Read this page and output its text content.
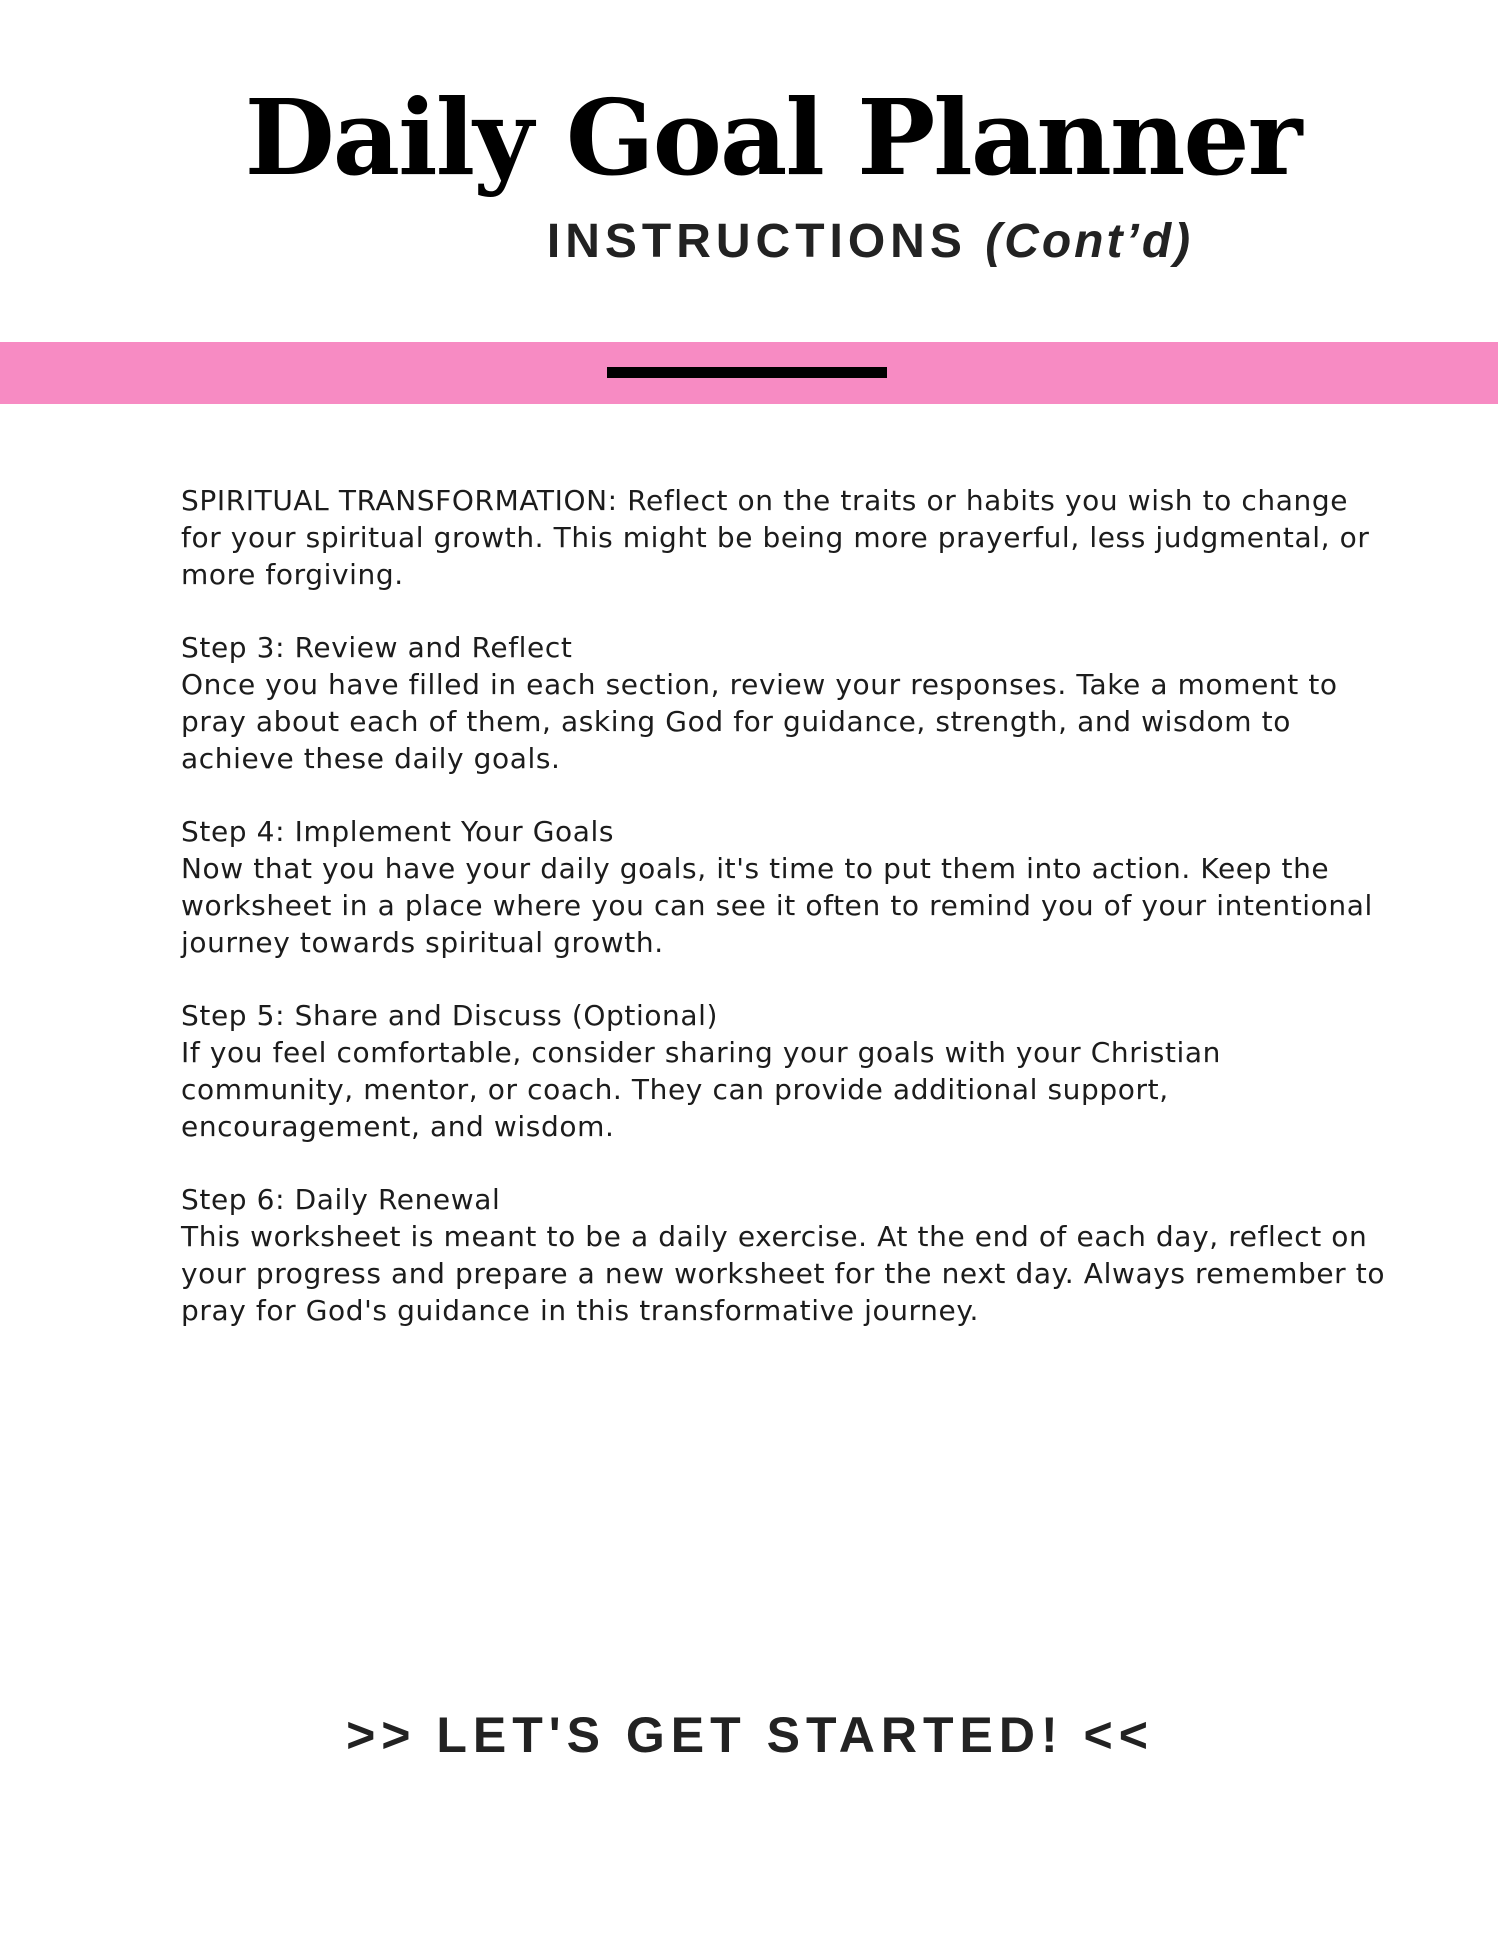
Daily Goal Planner
INSTRUCTIONS (Cont’d)

SPIRITUAL TRANSFORMATION: Reflect on the traits or habits you wish to change
for your spiritual growth. This might be being more prayerful, less judgmental, or
more forgiving.

Step 3: Review and Reflect
Once you have filled in each section, review your responses. Take a moment to
pray about each of them, asking God for guidance, strength, and wisdom to
achieve these daily goals.

Step 4: Implement Your Goals
Now that you have your daily goals, it's time to put them into action. Keep the
worksheet in a place where you can see it often to remind you of your intentional
journey towards spiritual growth.

Step 5: Share and Discuss (Optional)
If you feel comfortable, consider sharing your goals with your Christian
community, mentor, or coach. They can provide additional support,
encouragement, and wisdom.

Step 6: Daily Renewal
This worksheet is meant to be a daily exercise. At the end of each day, reflect on
your progress and prepare a new worksheet for the next day. Always remember to
pray for God's guidance in this transformative journey.

>> LET'S GET STARTED! <<
